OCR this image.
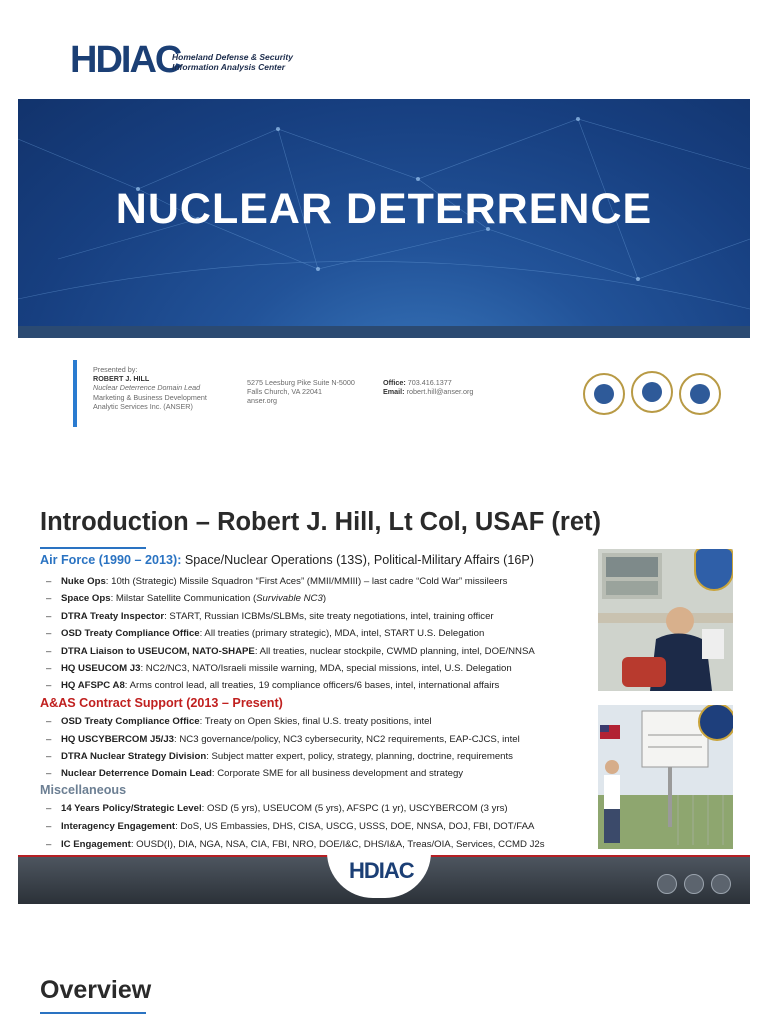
HDIAC
Homeland Defense & Security
Information Analysis Center
NUCLEAR DETERRENCE
Presented by:
ROBERT J. HILL
Nuclear Deterrence Domain Lead
Marketing & Business Development
Analytic Services Inc. (ANSER)
5275 Leesburg Pike Suite N-5000
Falls Church, VA 22041
anser.org
Office: 703.416.1377
Email: robert.hill@anser.org
Introduction – Robert J. Hill, Lt Col, USAF (ret)
Air Force (1990 – 2013): Space/Nuclear Operations (13S), Political-Military Affairs (16P)
– Nuke Ops: 10th (Strategic) Missile Squadron “First Aces” (MMII/MMIII) – last cadre “Cold War” missileers
– Space Ops: Milstar Satellite Communication (Survivable NC3)
– DTRA Treaty Inspector: START, Russian ICBMs/SLBMs, site treaty negotiations, intel, training officer
– OSD Treaty Compliance Office: All treaties (primary strategic), MDA, intel, START U.S. Delegation
– DTRA Liaison to USEUCOM, NATO-SHAPE: All treaties, nuclear stockpile, CWMD planning, intel, DOE/NNSA
– HQ USEUCOM J3: NC2/NC3, NATO/Israeli missile warning, MDA, special missions, intel, U.S. Delegation
– HQ AFSPC A8: Arms control lead, all treaties, 19 compliance officers/6 bases, intel, international affairs
A&AS Contract Support (2013 – Present)
– OSD Treaty Compliance Office: Treaty on Open Skies, final U.S. treaty positions, intel
– HQ USCYBERCOM J5/J3: NC3 governance/policy, NC3 cybersecurity, NC2 requirements, EAP-CJCS, intel
– DTRA Nuclear Strategy Division: Subject matter expert, policy, strategy, planning, doctrine, requirements
– Nuclear Deterrence Domain Lead: Corporate SME for all business development and strategy
Miscellaneous
– 14 Years Policy/Strategic Level: OSD (5 yrs), USEUCOM (5 yrs), AFSPC (1 yr), USCYBERCOM (3 yrs)
– Interagency Engagement: DoS, US Embassies, DHS, CISA, USCG, USSS, DOE, NNSA, DOJ, FBI, DOT/FAA
– IC Engagement: OUSD(I), DIA, NGA, NSA, CIA, FBI, NRO, DOE/I&C, DHS/I&A, Treas/OIA, Services, CCMD J2s
HDIAC
Overview
